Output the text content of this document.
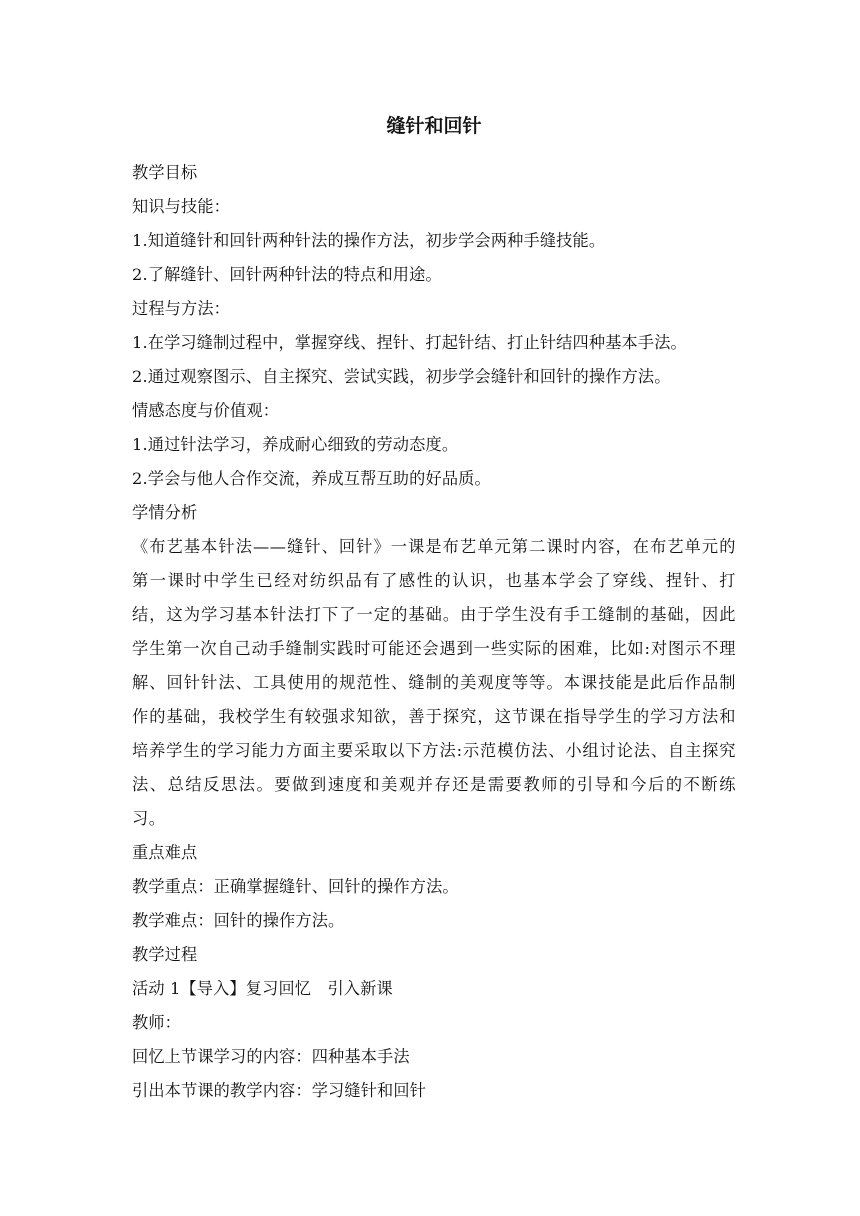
缝针和回针

教学目标

知识与技能：

1.知道缝针和回针两种针法的操作方法，初步学会两种手缝技能。

2.了解缝针、回针两种针法的特点和用途。

过程与方法：

1.在学习缝制过程中，掌握穿线、捏针、打起针结、打止针结四种基本手法。

2.通过观察图示、自主探究、尝试实践，初步学会缝针和回针的操作方法。

情感态度与价值观：

1.通过针法学习，养成耐心细致的劳动态度。

2.学会与他人合作交流，养成互帮互助的好品质。

学情分析

《布艺基本针法——缝针、回针》一课是布艺单元第二课时内容，在布艺单元的第一课时中学生已经对纺织品有了感性的认识，也基本学会了穿线、捏针、打结，这为学习基本针法打下了一定的基础。由于学生没有手工缝制的基础，因此学生第一次自己动手缝制实践时可能还会遇到一些实际的困难，比如:对图示不理解、回针针法、工具使用的规范性、缝制的美观度等等。本课技能是此后作品制作的基础，我校学生有较强求知欲，善于探究，这节课在指导学生的学习方法和培养学生的学习能力方面主要采取以下方法:示范模仿法、小组讨论法、自主探究法、总结反思法。要做到速度和美观并存还是需要教师的引导和今后的不断练习。

重点难点

教学重点：正确掌握缝针、回针的操作方法。

教学难点：回针的操作方法。

教学过程

活动 1【导入】复习回忆　引入新课

教师：

回忆上节课学习的内容：四种基本手法

引出本节课的教学内容：学习缝针和回针
